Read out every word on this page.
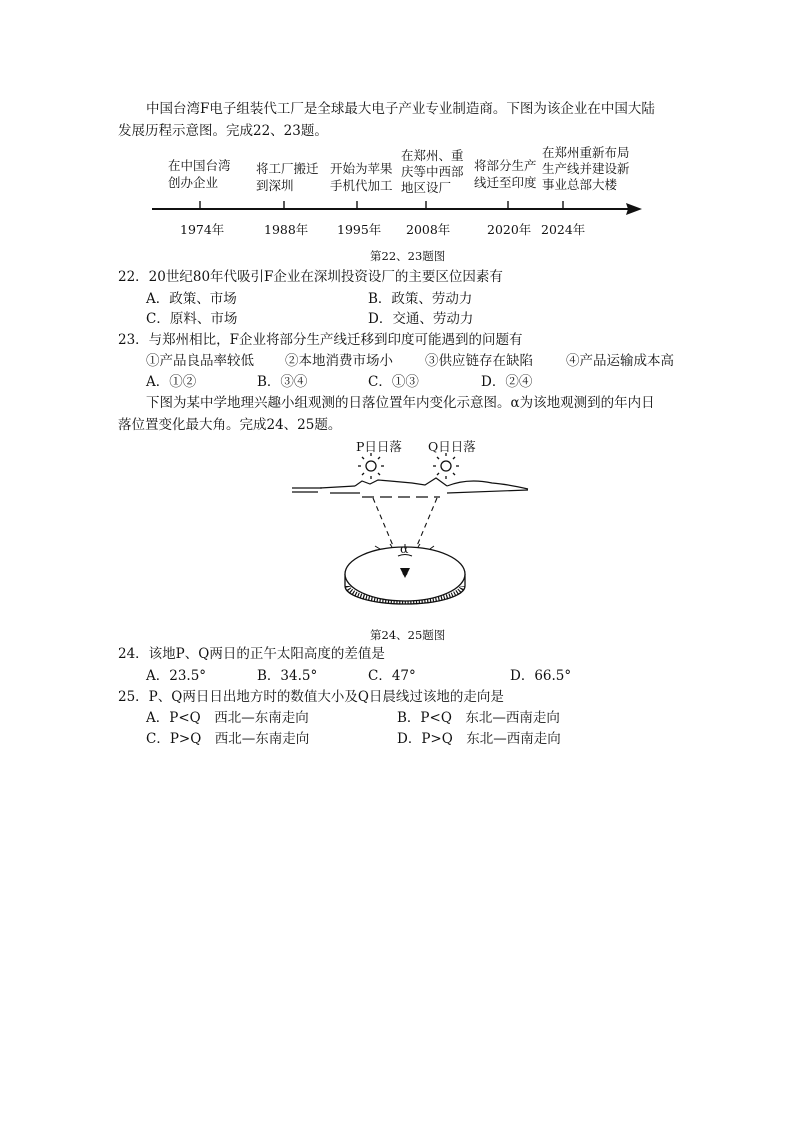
中国台湾F电子组装代工厂是全球最大电子产业专业制造商。下图为该企业在中国大陆
发展历程示意图。完成22、23题。
在中国台湾
创办企业
将工厂搬迁
到深圳
开始为苹果
手机代加工
在郑州、重
庆等中西部
地区设厂
将部分生产
线迁至印度
在郑州重新布局
生产线并建设新
事业总部大楼
1974年	1988年 1995年 2008年	2020年 2024年
第22、23题图
22．20世纪80年代吸引F企业在深圳投资设厂的主要区位因素有
A．政策、市场	B．政策、劳动力
C．原料、市场	D．交通、劳动力
23．与郑州相比，F企业将部分生产线迁移到印度可能遇到的问题有
①产品良品率较低 ②本地消费市场小 ③供应链存在缺陷 ④产品运输成本高
A．①②	B．③④	C．①③	D．②④
下图为某中学地理兴趣小组观测的日落位置年内变化示意图。α为该地观测到的年内日
落位置变化最大角。完成24、25题。
P日日落 Q日日落
α
第24、25题图
24．该地P、Q两日的正午太阳高度的差值是
A．23.5°	B．34.5°	C．47°	D．66.5°
25．P、Q两日日出地方时的数值大小及Q日晨线过该地的走向是
A．P<Q　西北—东南走向	B．P<Q　东北—西南走向
C．P>Q　西北—东南走向	D．P>Q　东北—西南走向
